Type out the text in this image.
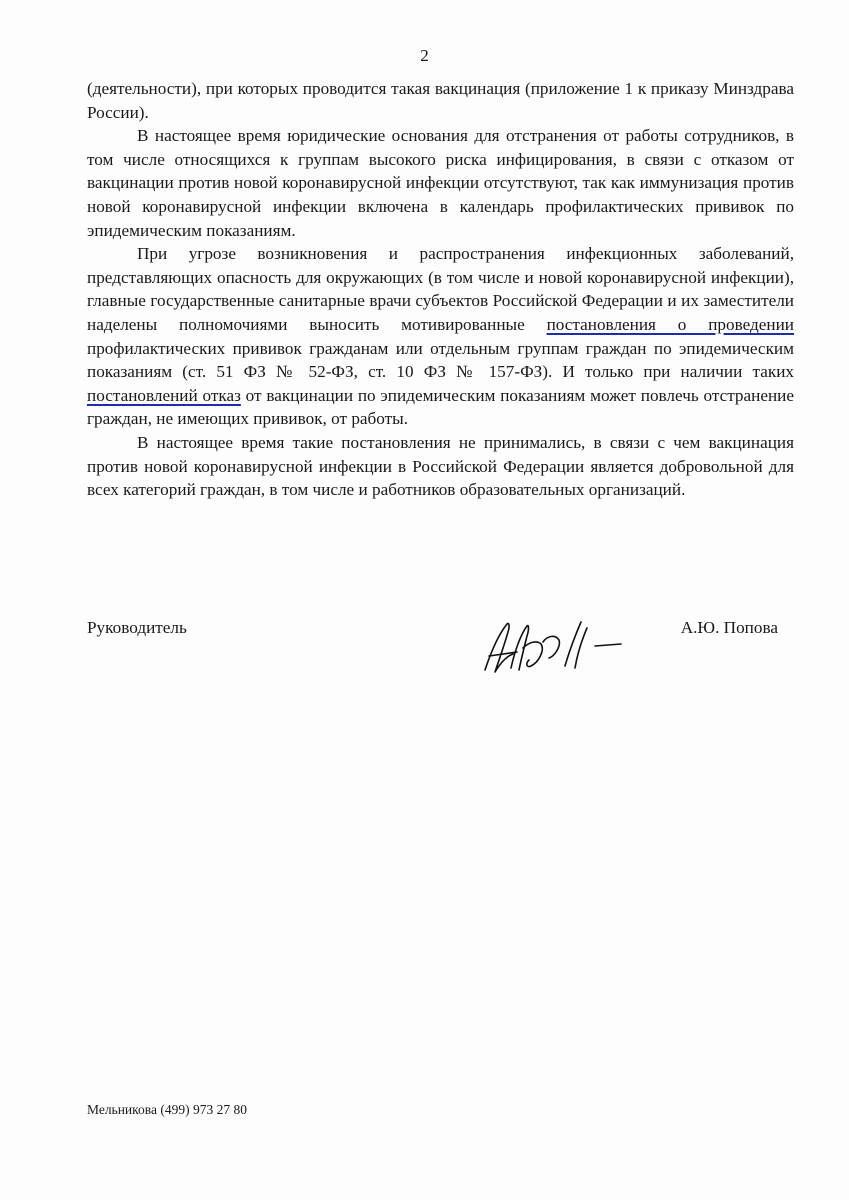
2

(деятельности), при которых проводится такая вакцинация (приложение 1 к приказу Минздрава России).

В настоящее время юридические основания для отстранения от работы сотрудников, в том числе относящихся к группам высокого риска инфицирования, в связи с отказом от вакцинации против новой коронавирусной инфекции отсутствуют, так как иммунизация против новой коронавирусной инфекции включена в календарь профилактических прививок по эпидемическим показаниям.

При угрозе возникновения и распространения инфекционных заболеваний, представляющих опасность для окружающих (в том числе и новой коронавирусной инфекции), главные государственные санитарные врачи субъектов Российской Федерации и их заместители наделены полномочиями выносить мотивированные постановления о проведении профилактических прививок гражданам или отдельным группам граждан по эпидемическим показаниям (ст. 51 ФЗ № 52-ФЗ, ст. 10 ФЗ № 157-ФЗ). И только при наличии таких постановлений отказ от вакцинации по эпидемическим показаниям может повлечь отстранение граждан, не имеющих прививок, от работы.

В настоящее время такие постановления не принимались, в связи с чем вакцинация против новой коронавирусной инфекции в Российской Федерации является добровольной для всех категорий граждан, в том числе и работников образовательных организаций.

Руководитель	А.Ю. Попова
Мельникова (499) 973 27 80
